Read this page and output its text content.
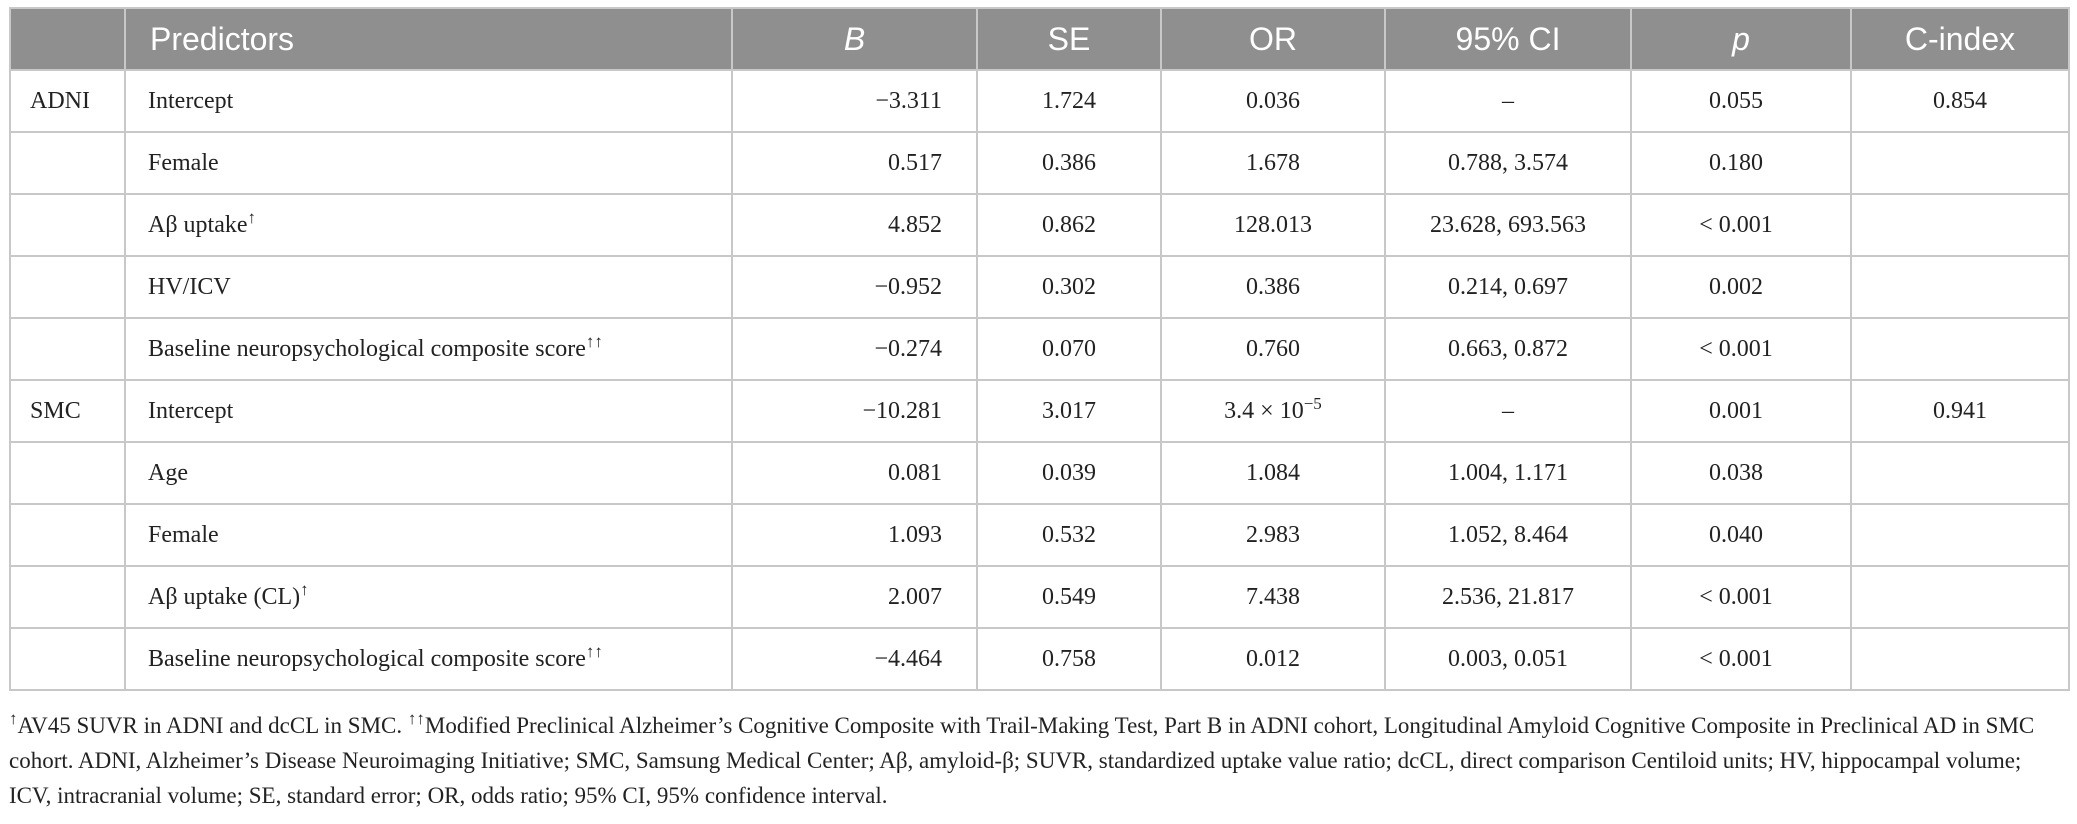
	Predictors	B	SE	OR	95% CI	p	C-index
ADNI	Intercept	−3.311	1.724	0.036	–	0.055	0.854
	Female	0.517	0.386	1.678	0.788, 3.574	0.180	
	Aβ uptake↑	4.852	0.862	128.013	23.628, 693.563	< 0.001	
	HV/ICV	−0.952	0.302	0.386	0.214, 0.697	0.002	
	Baseline neuropsychological composite score↑↑	−0.274	0.070	0.760	0.663, 0.872	< 0.001	
SMC	Intercept	−10.281	3.017	$3.4 \times 10^{-5}$	–	0.001	0.941
	Age	0.081	0.039	1.084	1.004, 1.171	0.038	
	Female	1.093	0.532	2.983	1.052, 8.464	0.040	
	Aβ uptake (CL)↑	2.007	0.549	7.438	2.536, 21.817	< 0.001	
	Baseline neuropsychological composite score↑↑	−4.464	0.758	0.012	0.003, 0.051	< 0.001	
↑AV45 SUVR in ADNI and dcCL in SMC. ↑↑Modified Preclinical Alzheimer’s Cognitive Composite with Trail-Making Test, Part B in ADNI cohort, Longitudinal Amyloid Cognitive Composite in Preclinical AD in SMC cohort. ADNI, Alzheimer’s Disease Neuroimaging Initiative; SMC, Samsung Medical Center; Aβ, amyloid-β; SUVR, standardized uptake value ratio; dcCL, direct comparison Centiloid units; HV, hippocampal volume; ICV, intracranial volume; SE, standard error; OR, odds ratio; 95% CI, 95% confidence interval.
